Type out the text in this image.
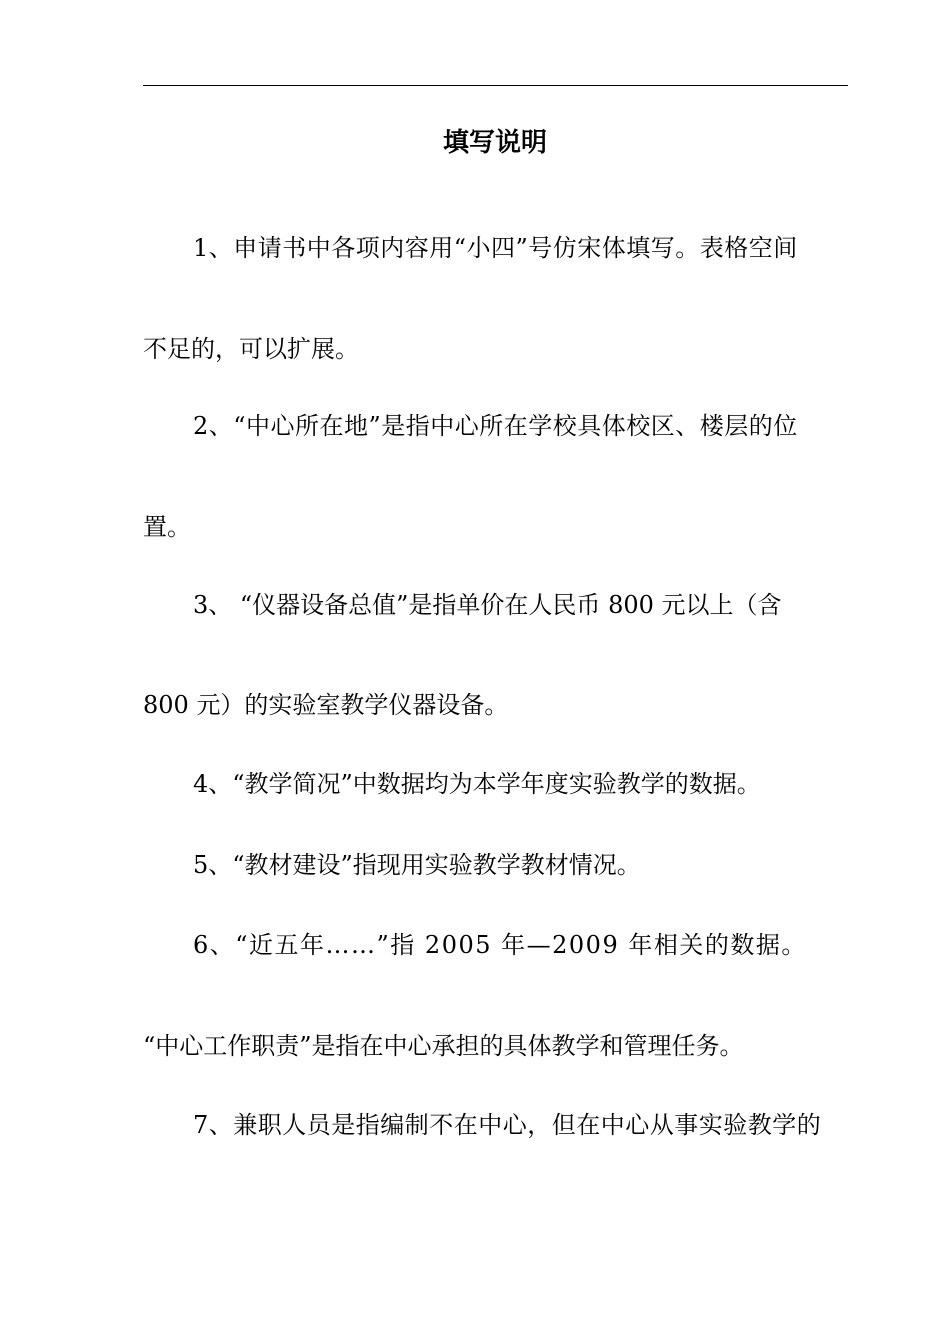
填写说明
1、申请书中各项内容用“小四”号仿宋体填写。表格空间
不足的，可以扩展。
2、“中心所在地”是指中心所在学校具体校区、楼层的位
置。
3、 “仪器设备总值”是指单价在人民币 800 元以上（含
800 元）的实验室教学仪器设备。
4、“教学简况”中数据均为本学年度实验教学的数据。
5、“教材建设”指现用实验教学教材情况。
6、“近五年……”指 2005 年—2009 年相关的数据。
“中心工作职责”是指在中心承担的具体教学和管理任务。
7、兼职人员是指编制不在中心，但在中心从事实验教学的
